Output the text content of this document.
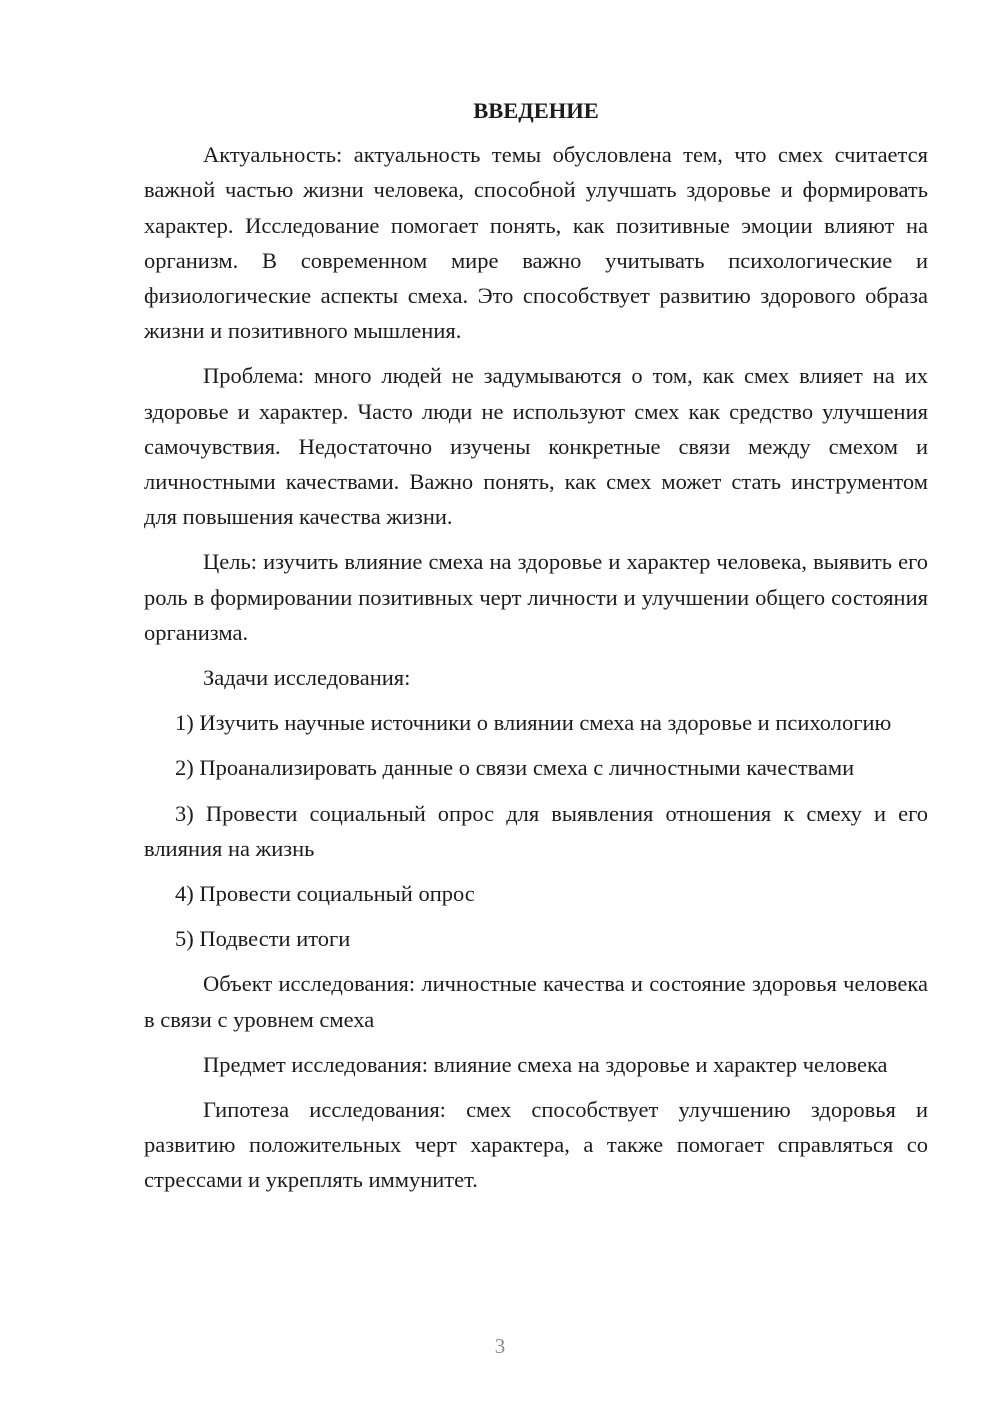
ВВЕДЕНИЕ

Актуальность: актуальность темы обусловлена тем, что смех считается важной частью жизни человека, способной улучшать здоровье и формировать характер. Исследование помогает понять, как позитивные эмоции влияют на организм. В современном мире важно учитывать психологические и физиологические аспекты смеха. Это способствует развитию здорового образа жизни и позитивного мышления.

Проблема: много людей не задумываются о том, как смех влияет на их здоровье и характер. Часто люди не используют смех как средство улучшения самочувствия. Недостаточно изучены конкретные связи между смехом и личностными качествами. Важно понять, как смех может стать инструментом для повышения качества жизни.

Цель: изучить влияние смеха на здоровье и характер человека, выявить его роль в формировании позитивных черт личности и улучшении общего состояния организма.

Задачи исследования:

1) Изучить научные источники о влиянии смеха на здоровье и психологию

2) Проанализировать данные о связи смеха с личностными качествами

3) Провести социальный опрос для выявления отношения к смеху и его влияния на жизнь

4) Провести социальный опрос

5) Подвести итоги

Объект исследования: личностные качества и состояние здоровья человека в связи с уровнем смеха

Предмет исследования: влияние смеха на здоровье и характер человека

Гипотеза исследования: смех способствует улучшению здоровья и развитию положительных черт характера, а также помогает справляться со стрессами и укреплять иммунитет.

3
